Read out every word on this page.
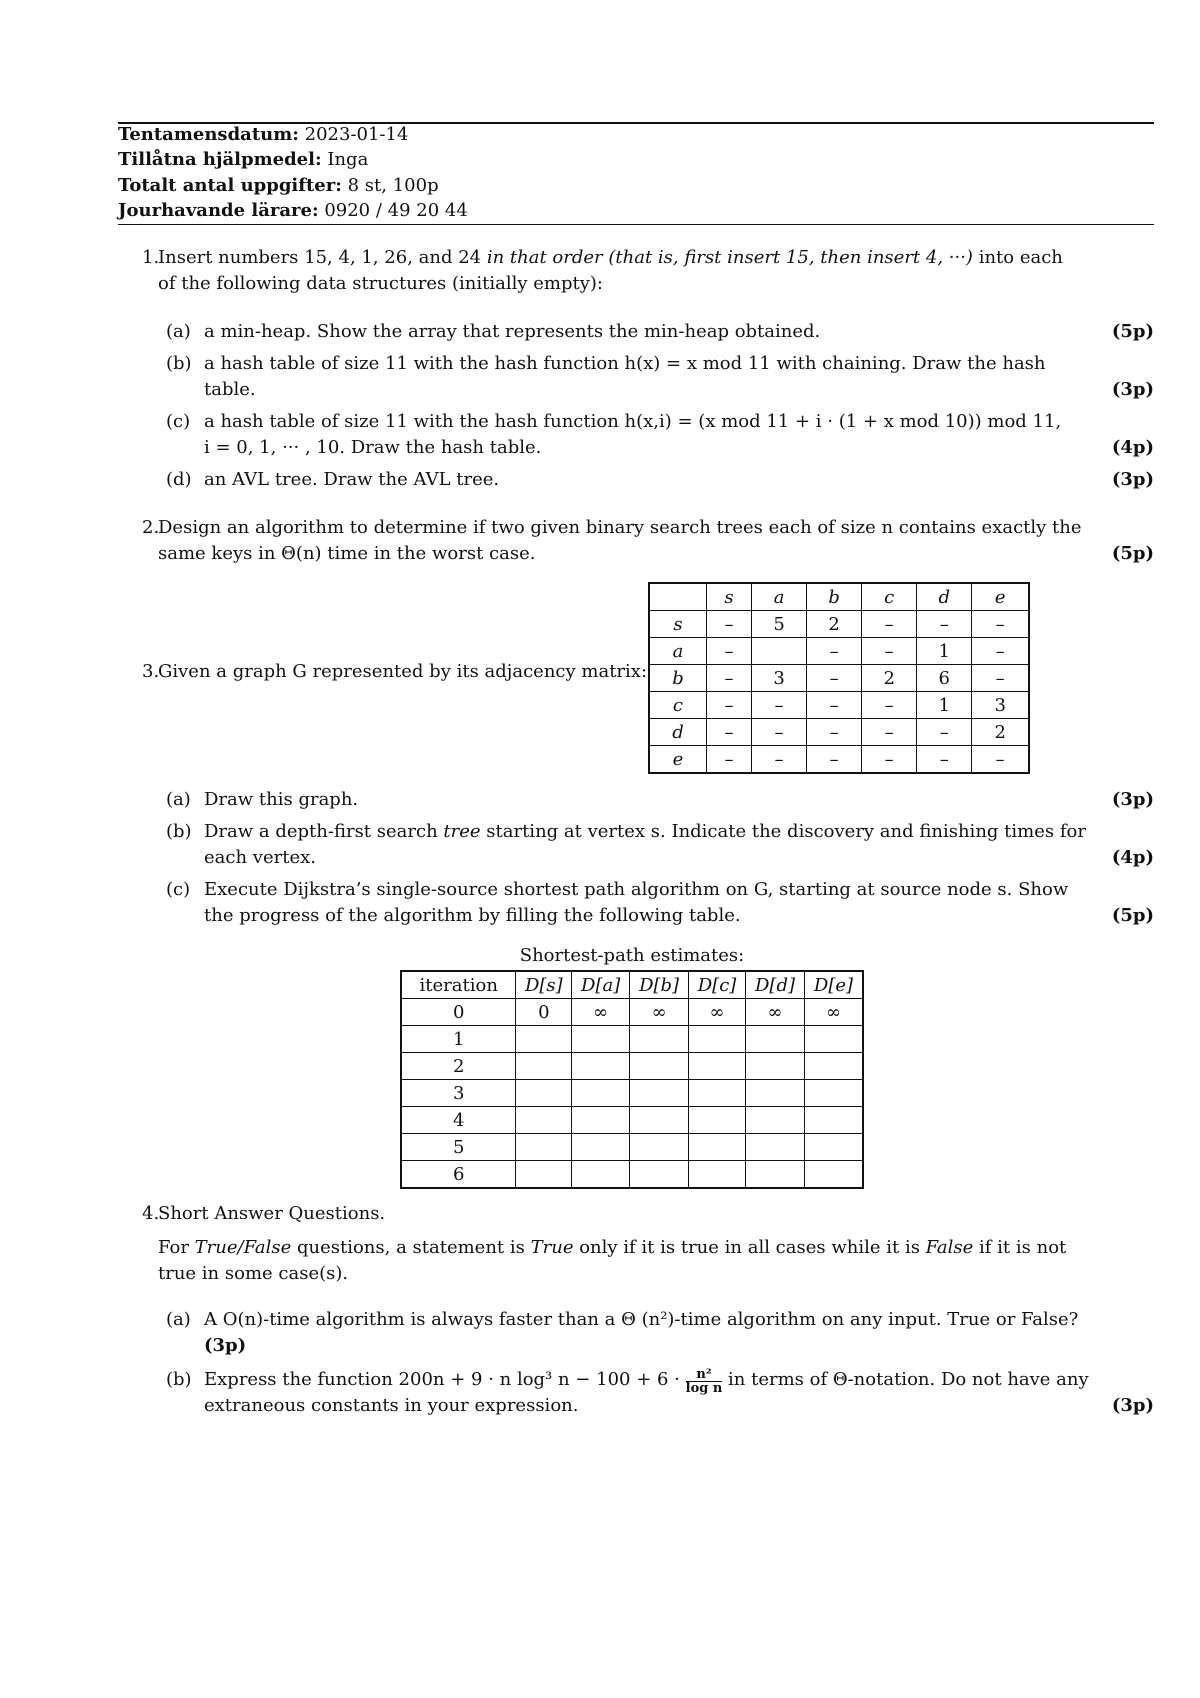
Tentamensdatum: 2023-01-14
Tillåtna hjälpmedel: Inga
Totalt antal uppgifter: 8 st, 100p
Jourhavande lärare: 0920 / 49 20 44
1.
Insert numbers 15, 4, 1, 26, and 24 in that order (that is, first insert 15, then insert 4, ···) into each
of the following data structures (initially empty):
(a) a min-heap. Show the array that represents the min-heap obtained.	(5p)
(b) a hash table of size 11 with the hash function h(x) = x mod 11 with chaining. Draw the hash
table.	(3p)
(c) a hash table of size 11 with the hash function h(x,i) = (x mod 11 + i · (1 + x mod 10)) mod 11,
i = 0, 1, ··· , 10. Draw the hash table.	(4p)
(d) an AVL tree. Draw the AVL tree.	(3p)
2.
Design an algorithm to determine if two given binary search trees each of size n contains exactly the
same keys in Θ(n) time in the worst case.	(5p)
3.
Given a graph G represented by its adjacency matrix:
	s	a	b	c	d	e
s	–	5	2	–	–	–
a	–		–	–	1	–
b	–	3	–	2	6	–
c	–	–	–	–	1	3
d	–	–	–	–	–	2
e	–	–	–	–	–	–
(a) Draw this graph.	(3p)
(b) Draw a depth-first search tree starting at vertex s. Indicate the discovery and finishing times for
each vertex.	(4p)
(c) Execute Dijkstra’s single-source shortest path algorithm on G, starting at source node s. Show
the progress of the algorithm by filling the following table.	(5p)
Shortest-path estimates:
iteration	D[s]	D[a]	D[b]	D[c]	D[d]	D[e]
0	0	∞	∞	∞	∞	∞
1						
2						
3						
4						
5						
6						
4.
Short Answer Questions.
For True/False questions, a statement is True only if it is true in all cases while it is False if it is not
true in some case(s).
(a) A O(n)-time algorithm is always faster than a Θ (n²)-time algorithm on any input. True or False?
(3p)
(b) Express the function 200n + 9 · n log³ $n - 100 + 6 \cdot \frac{\text{n²}}{\text{log n}}$ in terms of Θ-notation. Do not have any
extraneous constants in your expression.	(3p)
